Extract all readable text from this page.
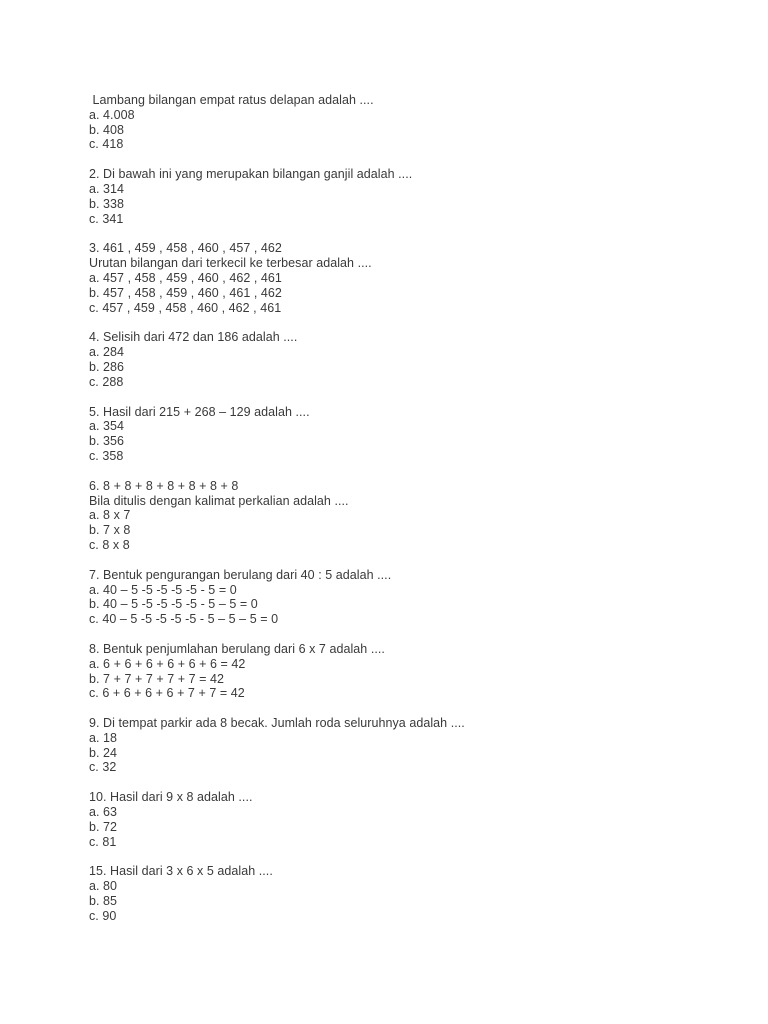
Lambang bilangan empat ratus delapan adalah ....
a. 4.008
b. 408
c. 418
2. Di bawah ini yang merupakan bilangan ganjil adalah ....
a. 314
b. 338
c. 341
3. 461 , 459 , 458 , 460 , 457 , 462
Urutan bilangan dari terkecil ke terbesar adalah ....
a. 457 , 458 , 459 , 460 , 462 , 461
b. 457 , 458 , 459 , 460 , 461 , 462
c. 457 , 459 , 458 , 460 , 462 , 461
4. Selisih dari 472 dan 186 adalah ....
a. 284
b. 286
c. 288
5. Hasil dari 215 + 268 – 129 adalah ....
a. 354
b. 356
c. 358
6. 8 + 8 + 8 + 8 + 8 + 8 + 8
Bila ditulis dengan kalimat perkalian adalah ....
a. 8 x 7
b. 7 x 8
c. 8 x 8
7. Bentuk pengurangan berulang dari 40 : 5 adalah ....
a. 40 – 5 -5 -5 -5 -5 - 5 = 0
b. 40 – 5 -5 -5 -5 -5 - 5 – 5 = 0
c. 40 – 5 -5 -5 -5 -5 - 5 – 5 – 5 = 0
8. Bentuk penjumlahan berulang dari 6 x 7 adalah ....
a. 6 + 6 + 6 + 6 + 6 + 6 = 42
b. 7 + 7 + 7 + 7 + 7 = 42
c. 6 + 6 + 6 + 6 + 7 + 7 = 42
9. Di tempat parkir ada 8 becak. Jumlah roda seluruhnya adalah ....
a. 18
b. 24
c. 32
10. Hasil dari 9 x 8 adalah ....
a. 63
b. 72
c. 81
15. Hasil dari 3 x 6 x 5 adalah ....
a. 80
b. 85
c. 90
